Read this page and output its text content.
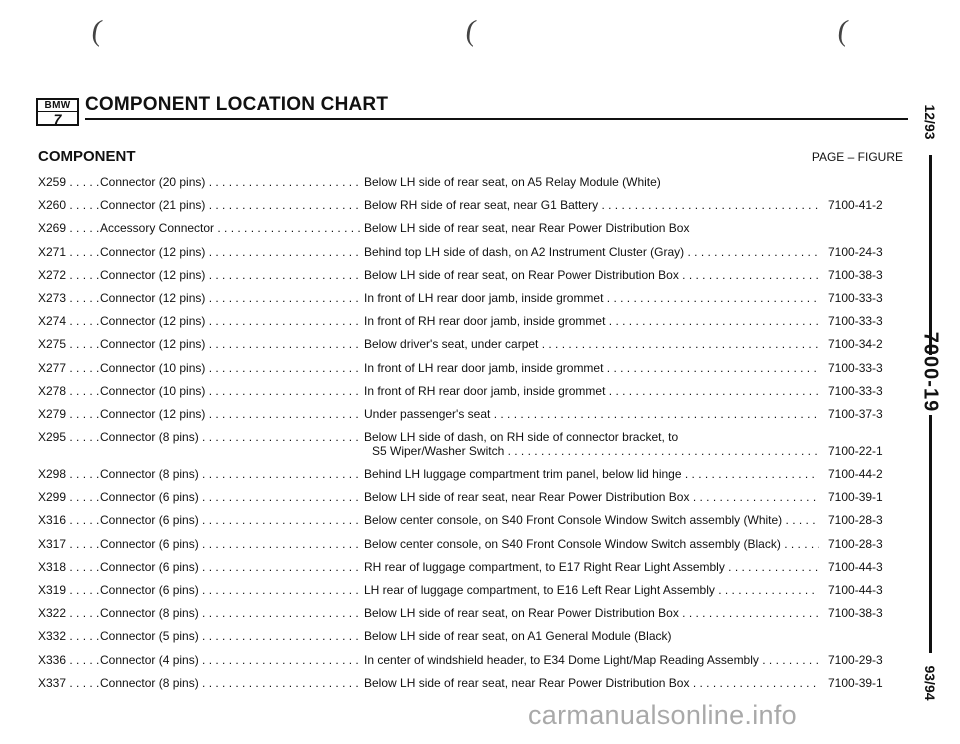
(	(	(
BMW
7
COMPONENT LOCATION CHART
COMPONENT	PAGE – FIGURE
X259 . . .	Connector (20 pins) . . .	Below LH side of rear seat, on A5 Relay Module (White)
X260 . . .	Connector (21 pins) . . .	Below RH side of rear seat, near G1 Battery . . .	7100-41-2
X269 . . .	Accessory Connector . . .	Below LH side of rear seat, near Rear Power Distribution Box
X271 . . .	Connector (12 pins) . . .	Behind top LH side of dash, on A2 Instrument Cluster (Gray) . . .	7100-24-3
X272 . . .	Connector (12 pins) . . .	Below LH side of rear seat, on Rear Power Distribution Box . . .	7100-38-3
X273 . . .	Connector (12 pins) . . .	In front of LH rear door jamb, inside grommet . . .	7100-33-3
X274 . . .	Connector (12 pins) . . .	In front of RH rear door jamb, inside grommet . . .	7100-33-3
X275 . . .	Connector (12 pins) . . .	Below driver's seat, under carpet . . .	7100-34-2
X277 . . .	Connector (10 pins) . . .	In front of LH rear door jamb, inside grommet . . .	7100-33-3
X278 . . .	Connector (10 pins) . . .	In front of RH rear door jamb, inside grommet . . .	7100-33-3
X279 . . .	Connector (12 pins) . . .	Under passenger's seat . . .	7100-37-3
X295 . . .	Connector (8 pins) . . .	Below LH side of dash, on RH side of connector bracket, to
S5 Wiper/Washer Switch . . .	7100-22-1
X298 . . .	Connector (8 pins) . . .	Behind LH luggage compartment trim panel, below lid hinge . . .	7100-44-2
X299 . . .	Connector (6 pins) . . .	Below LH side of rear seat, near Rear Power Distribution Box . . .	7100-39-1
X316 . . .	Connector (6 pins) . . .	Below center console, on S40 Front Console Window Switch assembly (White) . . .	7100-28-3
X317 . . .	Connector (6 pins) . . .	Below center console, on S40 Front Console Window Switch assembly (Black) . . .	7100-28-3
X318 . . .	Connector (6 pins) . . .	RH rear of luggage compartment, to E17 Right Rear Light Assembly . . .	7100-44-3
X319 . . .	Connector (6 pins) . . .	LH rear of luggage compartment, to E16 Left Rear Light Assembly . . .	7100-44-3
X322 . . .	Connector (8 pins) . . .	Below LH side of rear seat, on Rear Power Distribution Box . . .	7100-38-3
X332 . . .	Connector (5 pins) . . .	Below LH side of rear seat, on A1 General Module (Black)
X336 . . .	Connector (4 pins) . . .	In center of windshield header, to E34 Dome Light/Map Reading Assembly . . .	7100-29-3
X337 . . .	Connector (8 pins) . . .	Below LH side of rear seat, near Rear Power Distribution Box . . .	7100-39-1
12/93
7000-19
93/94
carmanualsonline.info
